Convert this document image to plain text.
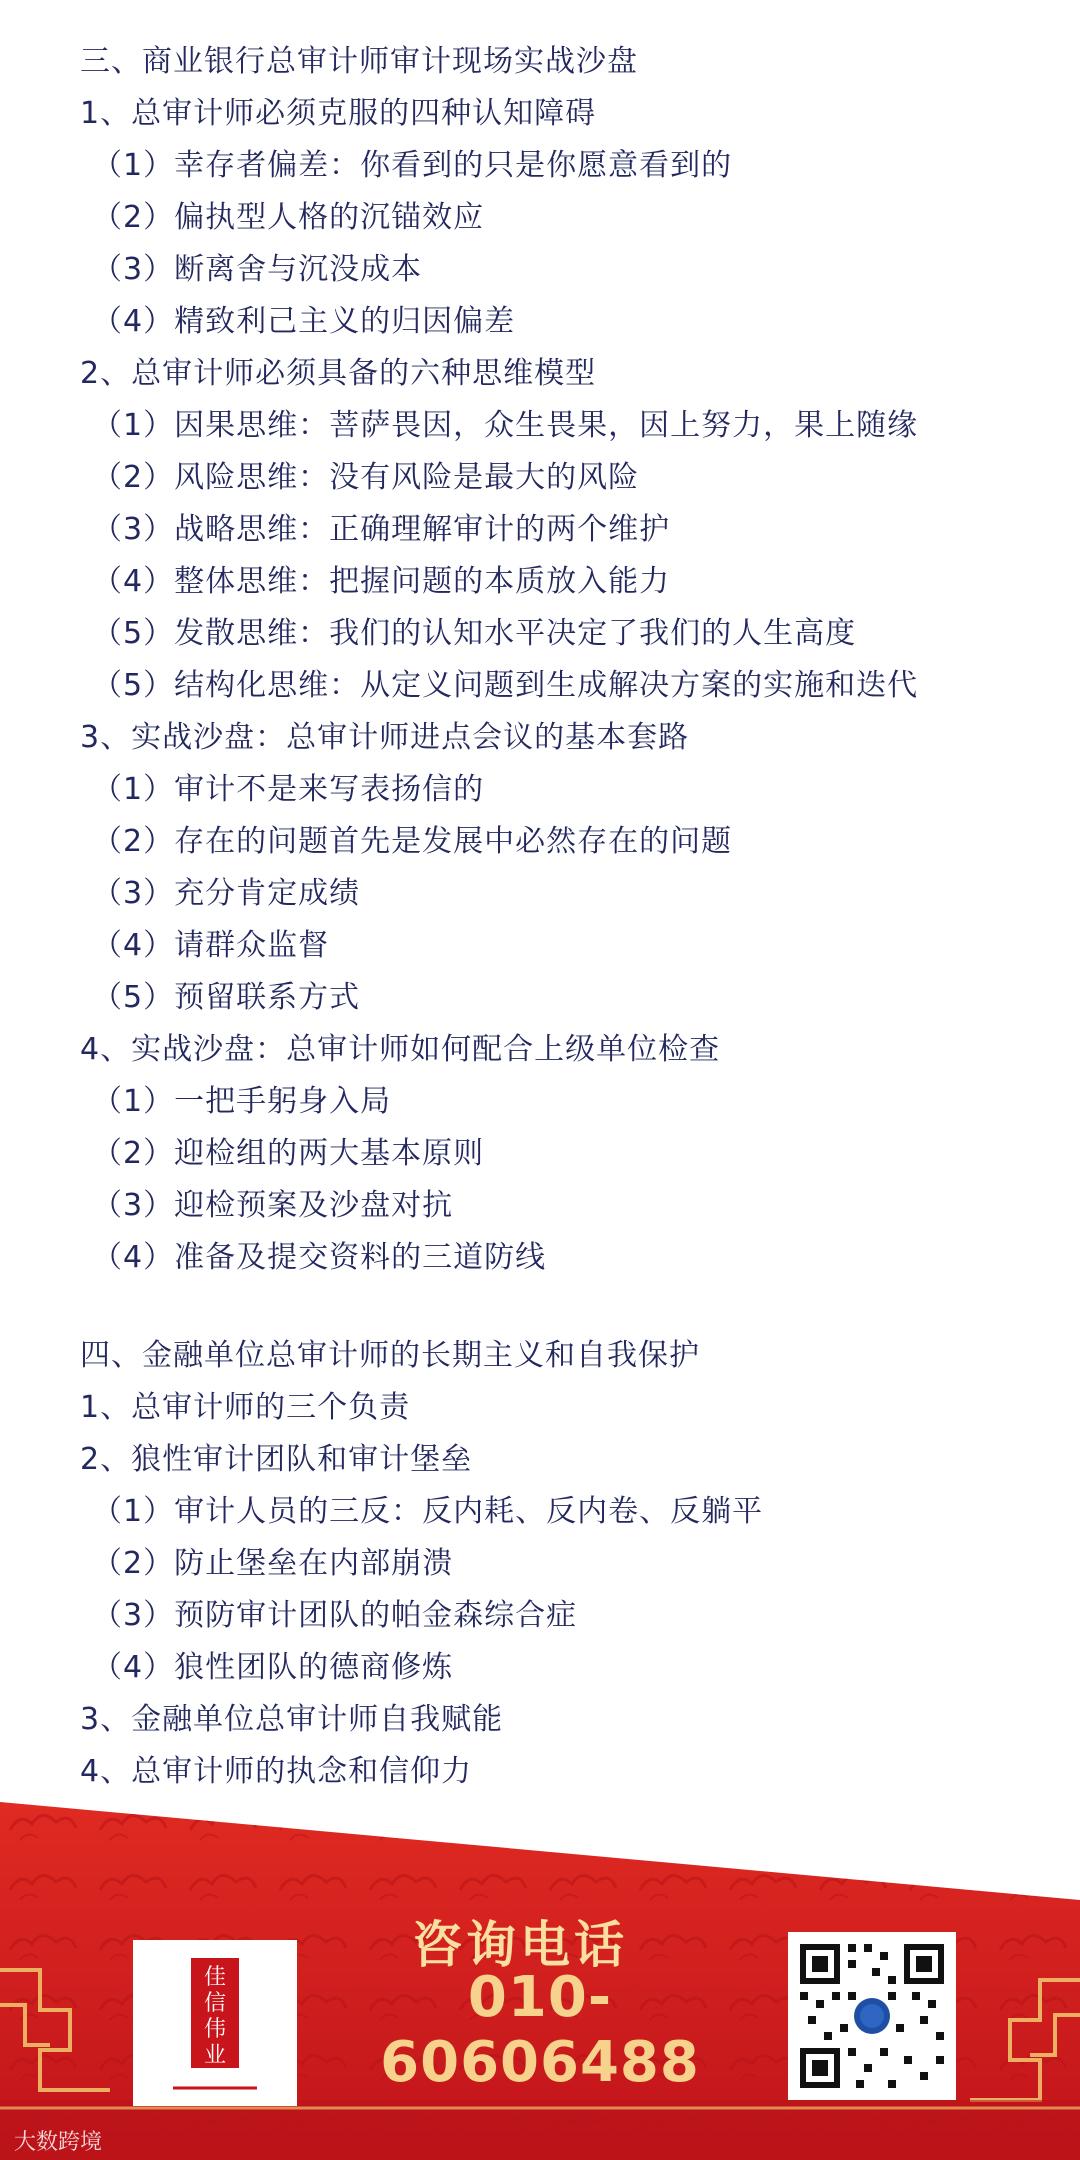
三、商业银行总审计师审计现场实战沙盘
1、总审计师必须克服的四种认知障碍
（1）幸存者偏差：你看到的只是你愿意看到的
（2）偏执型人格的沉锚效应
（3）断离舍与沉没成本
（4）精致利己主义的归因偏差
2、总审计师必须具备的六种思维模型
（1）因果思维：菩萨畏因，众生畏果，因上努力，果上随缘
（2）风险思维：没有风险是最大的风险
（3）战略思维：正确理解审计的两个维护
（4）整体思维：把握问题的本质放入能力
（5）发散思维：我们的认知水平决定了我们的人生高度
（5）结构化思维：从定义问题到生成解决方案的实施和迭代
3、实战沙盘：总审计师进点会议的基本套路
（1）审计不是来写表扬信的
（2）存在的问题首先是发展中必然存在的问题
（3）充分肯定成绩
（4）请群众监督
（5）预留联系方式
4、实战沙盘：总审计师如何配合上级单位检查
（1）一把手躬身入局
（2）迎检组的两大基本原则
（3）迎检预案及沙盘对抗
（4）准备及提交资料的三道防线
四、金融单位总审计师的长期主义和自我保护
1、总审计师的三个负责
2、狼性审计团队和审计堡垒
（1）审计人员的三反：反内耗、反内卷、反躺平
（2）防止堡垒在内部崩溃
（3）预防审计团队的帕金森综合症
（4）狼性团队的德商修炼
3、金融单位总审计师自我赋能
4、总审计师的执念和信仰力
佳
信
伟
业
咨询电话
010-60606488
大数跨境
